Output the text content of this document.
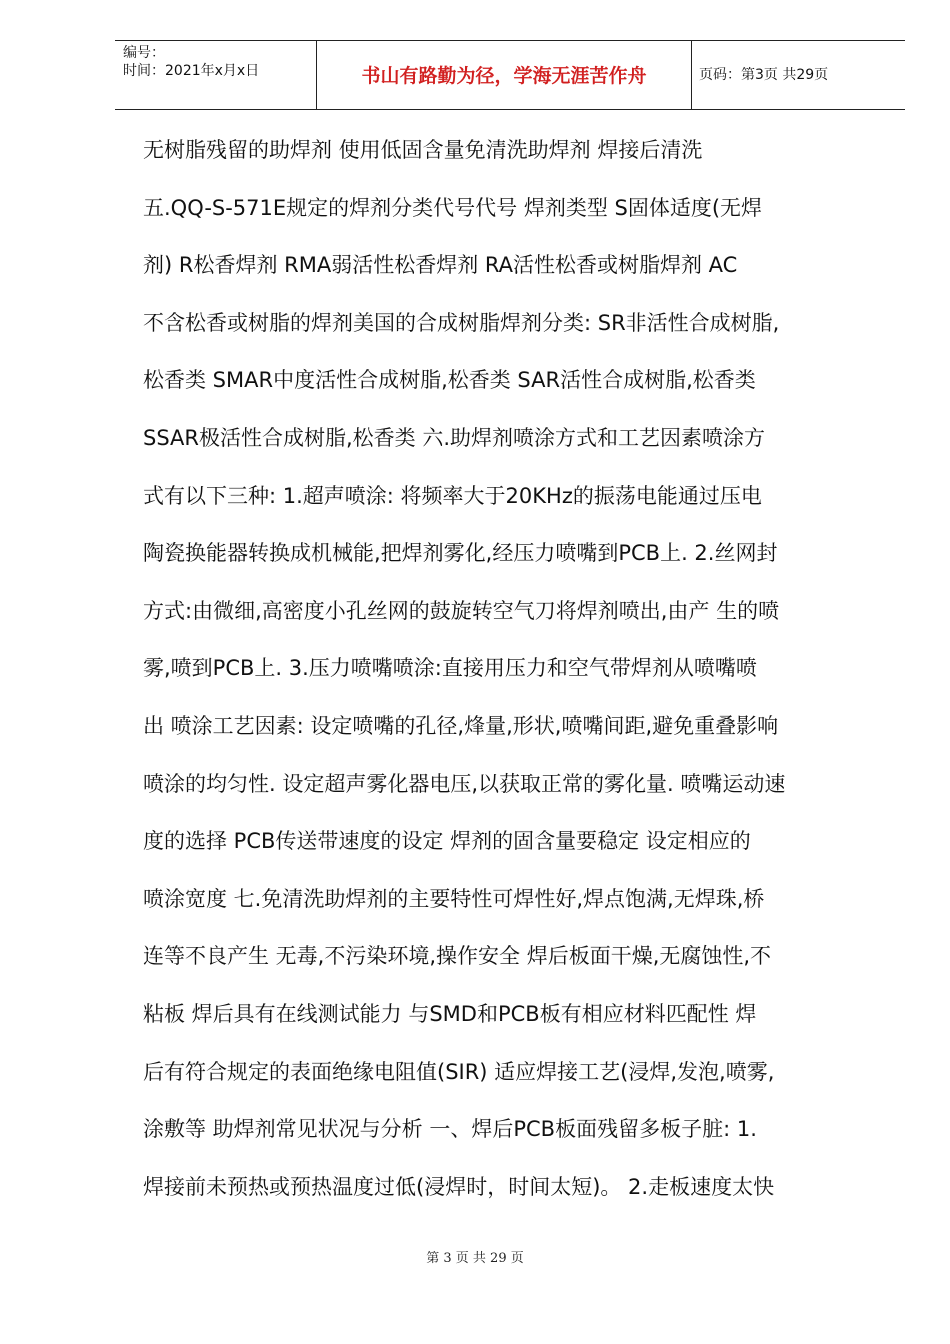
编号：
时间：2021年x月x日	书山有路勤为径，学海无涯苦作舟	页码：第3页 共29页
无树脂残留的助焊剂 使用低固含量免清洗助焊剂 焊接后清洗
五.QQ-S-571E规定的焊剂分类代号代号 焊剂类型 S固体适度(无焊
剂) R松香焊剂 RMA弱活性松香焊剂 RA活性松香或树脂焊剂 AC
不含松香或树脂的焊剂美国的合成树脂焊剂分类: SR非活性合成树脂,
松香类 SMAR中度活性合成树脂,松香类 SAR活性合成树脂,松香类
SSAR极活性合成树脂,松香类 六.助焊剂喷涂方式和工艺因素喷涂方
式有以下三种: 1.超声喷涂: 将频率大于20KHz的振荡电能通过压电
陶瓷换能器转换成机械能,把焊剂雾化,经压力喷嘴到PCB上. 2.丝网封
方式:由微细,高密度小孔丝网的鼓旋转空气刀将焊剂喷出,由产 生的喷
雾,喷到PCB上. 3.压力喷嘴喷涂:直接用压力和空气带焊剂从喷嘴喷
出 喷涂工艺因素: 设定喷嘴的孔径,烽量,形状,喷嘴间距,避免重叠影响
喷涂的均匀性. 设定超声雾化器电压,以获取正常的雾化量. 喷嘴运动速
度的选择 PCB传送带速度的设定 焊剂的固含量要稳定 设定相应的
喷涂宽度 七.免清洗助焊剂的主要特性可焊性好,焊点饱满,无焊珠,桥
连等不良产生 无毒,不污染环境,操作安全 焊后板面干燥,无腐蚀性,不
粘板 焊后具有在线测试能力 与SMD和PCB板有相应材料匹配性 焊
后有符合规定的表面绝缘电阻值(SIR) 适应焊接工艺(浸焊,发泡,喷雾,
涂敷等 助焊剂常见状况与分析 一、焊后PCB板面残留多板子脏: 1.
焊接前未预热或预热温度过低(浸焊时，时间太短)。 2.走板速度太快
第 3 页 共 29 页
